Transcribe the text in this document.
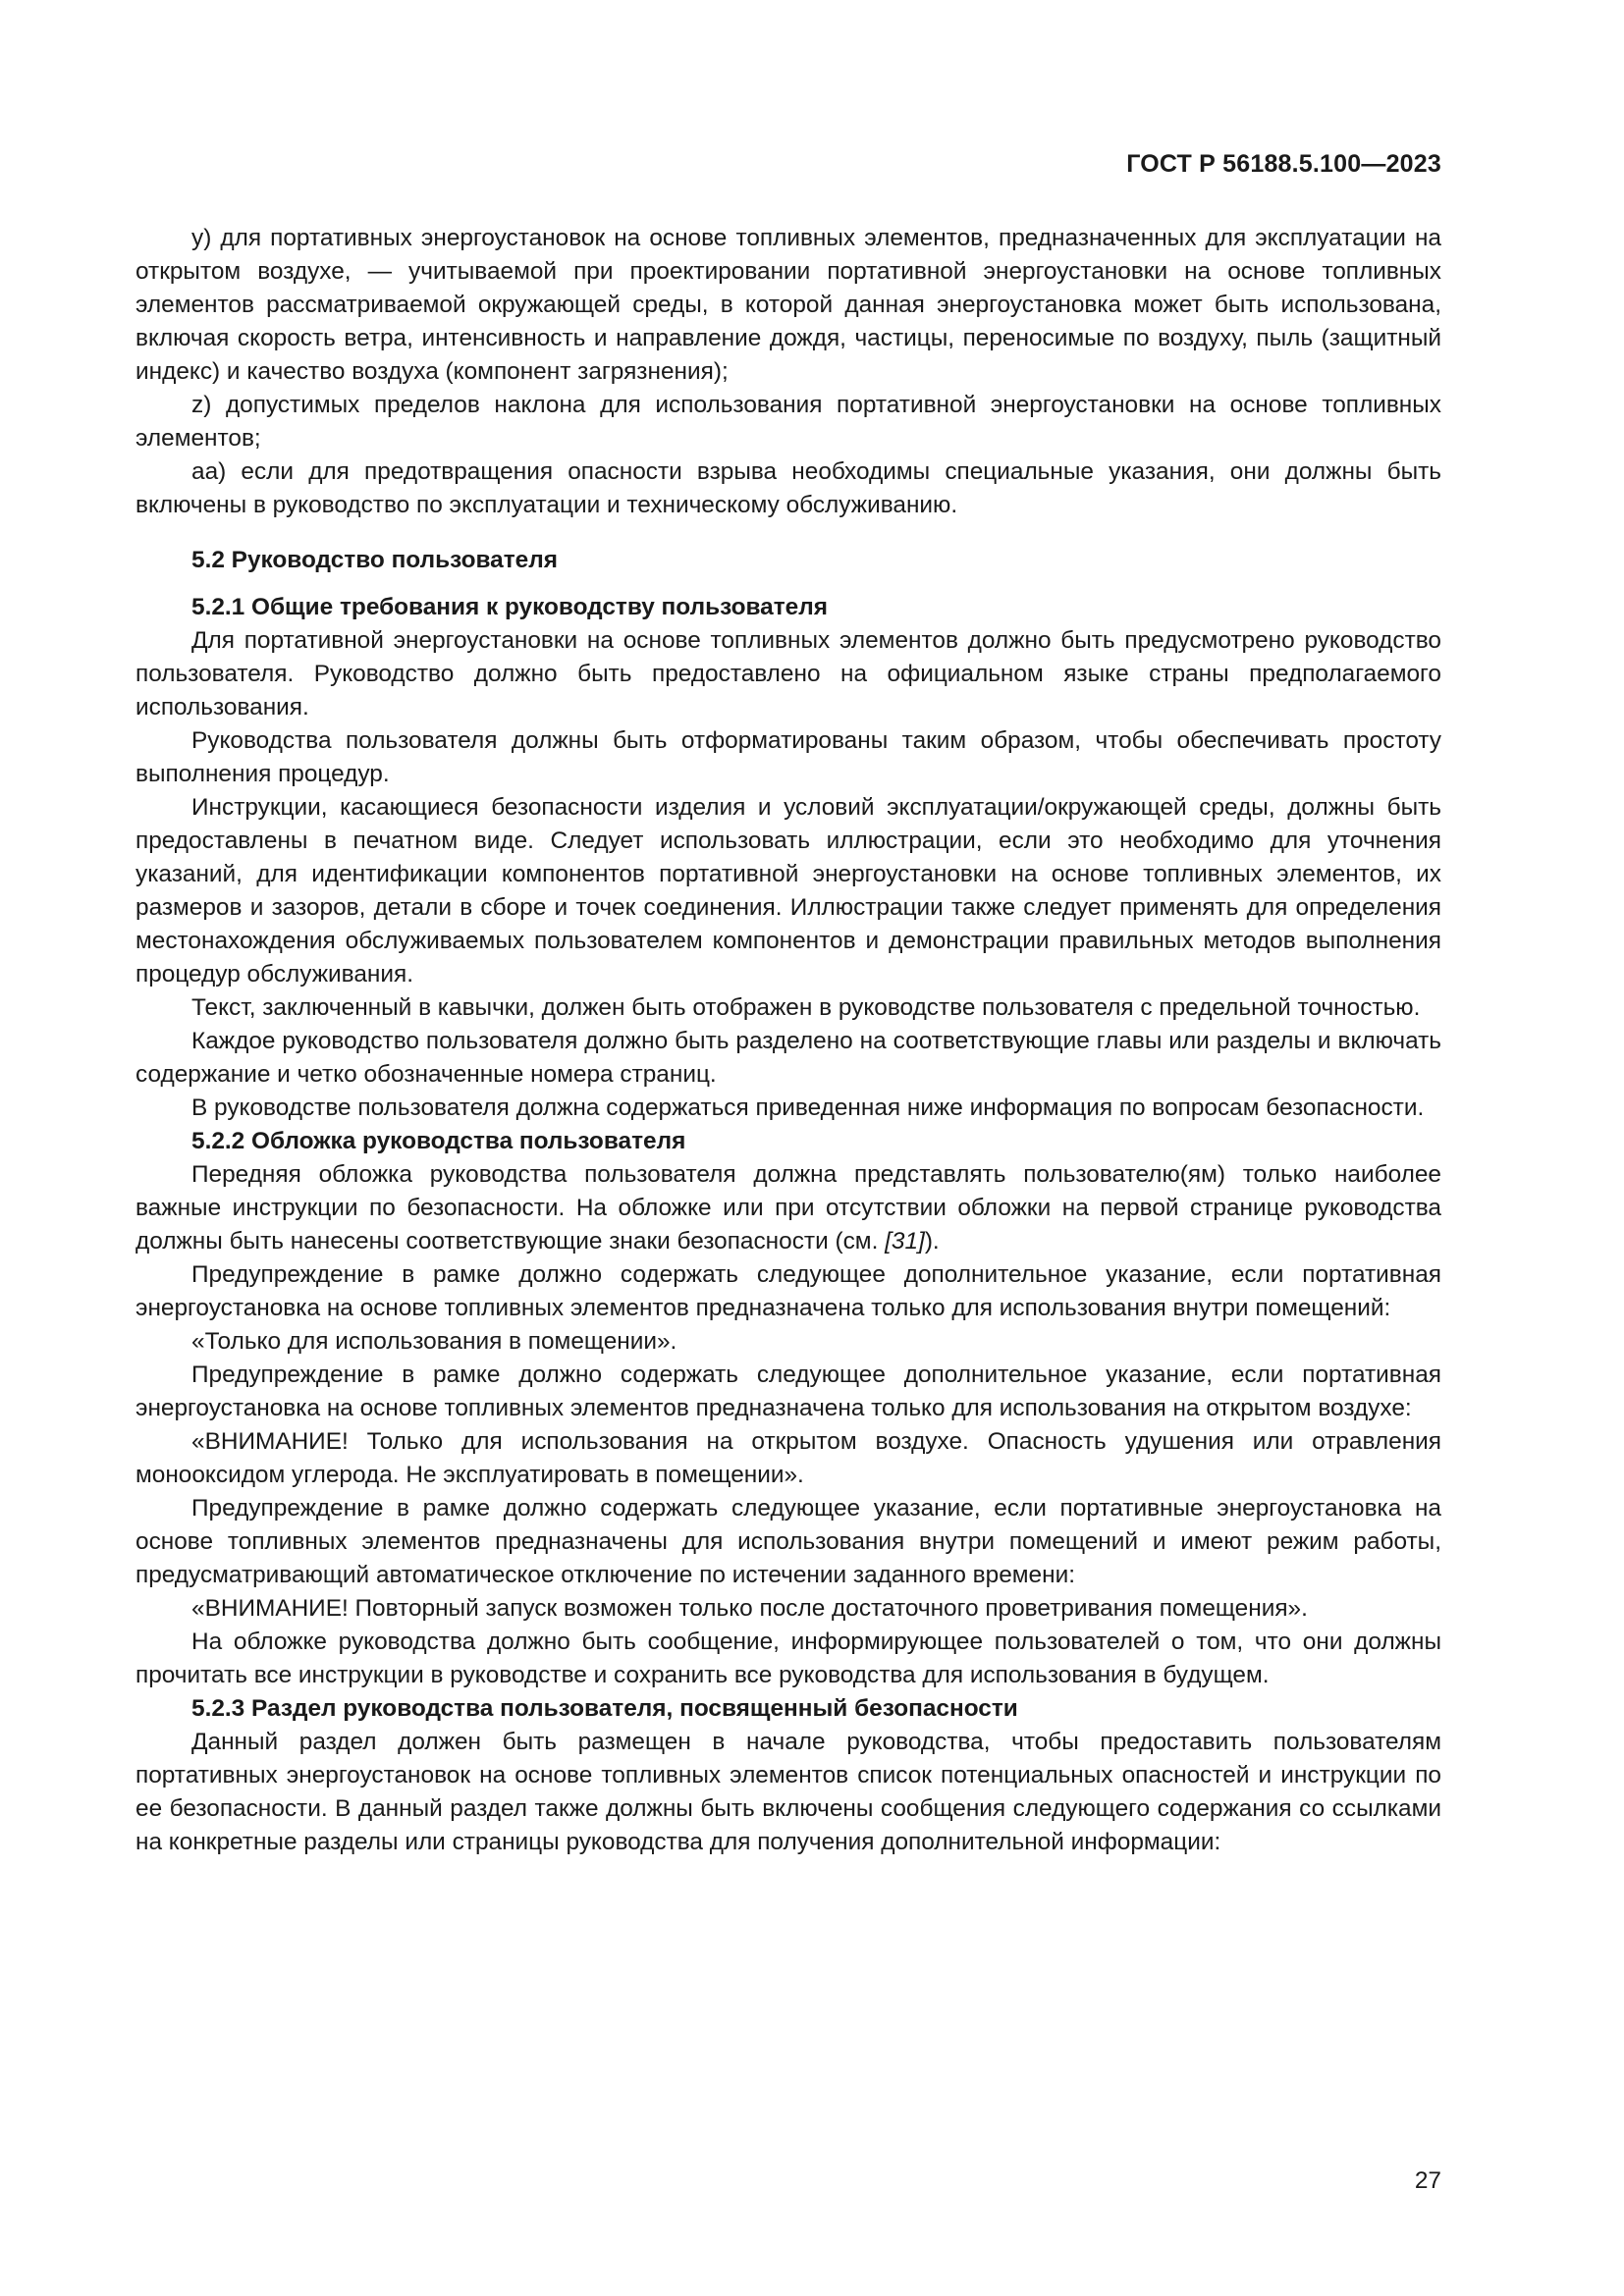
ГОСТ Р 56188.5.100—2023

у) для портативных энергоустановок на основе топливных элементов, предназначенных для эксплуатации на открытом воздухе, — учитываемой при проектировании портативной энергоустановки на основе топливных элементов рассматриваемой окружающей среды, в которой данная энергоустановка может быть использована, включая скорость ветра, интенсивность и направление дождя, частицы, переносимые по воздуху, пыль (защитный индекс) и качество воздуха (компонент загрязнения);

z) допустимых пределов наклона для использования портативной энергоустановки на основе топливных элементов;

аа) если для предотвращения опасности взрыва необходимы специальные указания, они должны быть включены в руководство по эксплуатации и техническому обслуживанию.

5.2 Руководство пользователя
5.2.1 Общие требования к руководству пользователя

Для портативной энергоустановки на основе топливных элементов должно быть предусмотрено руководство пользователя. Руководство должно быть предоставлено на официальном языке страны предполагаемого использования.

Руководства пользователя должны быть отформатированы таким образом, чтобы обеспечивать простоту выполнения процедур.

Инструкции, касающиеся безопасности изделия и условий эксплуатации/окружающей среды, должны быть предоставлены в печатном виде. Следует использовать иллюстрации, если это необходимо для уточнения указаний, для идентификации компонентов портативной энергоустановки на основе топливных элементов, их размеров и зазоров, детали в сборе и точек соединения. Иллюстрации также следует применять для определения местонахождения обслуживаемых пользователем компонентов и демонстрации правильных методов выполнения процедур обслуживания.

Текст, заключенный в кавычки, должен быть отображен в руководстве пользователя с предельной точностью.

Каждое руководство пользователя должно быть разделено на соответствующие главы или разделы и включать содержание и четко обозначенные номера страниц.

В руководстве пользователя должна содержаться приведенная ниже информация по вопросам безопасности.

5.2.2 Обложка руководства пользователя

Передняя обложка руководства пользователя должна представлять пользователю(ям) только наиболее важные инструкции по безопасности. На обложке или при отсутствии обложки на первой странице руководства должны быть нанесены соответствующие знаки безопасности (см. [31]).

Предупреждение в рамке должно содержать следующее дополнительное указание, если портативная энергоустановка на основе топливных элементов предназначена только для использования внутри помещений:

«Только для использования в помещении».

Предупреждение в рамке должно содержать следующее дополнительное указание, если портативная энергоустановка на основе топливных элементов предназначена только для использования на открытом воздухе:

«ВНИМАНИЕ! Только для использования на открытом воздухе. Опасность удушения или отравления монооксидом углерода. Не эксплуатировать в помещении».

Предупреждение в рамке должно содержать следующее указание, если портативные энергоустановка на основе топливных элементов предназначены для использования внутри помещений и имеют режим работы, предусматривающий автоматическое отключение по истечении заданного времени:

«ВНИМАНИЕ! Повторный запуск возможен только после достаточного проветривания помещения».

На обложке руководства должно быть сообщение, информирующее пользователей о том, что они должны прочитать все инструкции в руководстве и сохранить все руководства для использования в будущем.

5.2.3 Раздел руководства пользователя, посвященный безопасности

Данный раздел должен быть размещен в начале руководства, чтобы предоставить пользователям портативных энергоустановок на основе топливных элементов список потенциальных опасностей и инструкции по ее безопасности. В данный раздел также должны быть включены сообщения следующего содержания со ссылками на конкретные разделы или страницы руководства для получения дополнительной информации:

27
